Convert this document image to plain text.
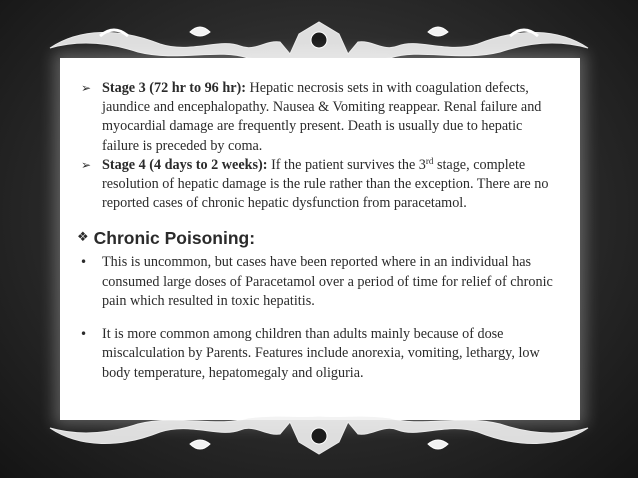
➢ Stage 3 (72 hr to 96 hr): Hepatic necrosis sets in with coagulation defects, jaundice and encephalopathy. Nausea & Vomiting reappear. Renal failure and myocardial damage are frequently present. Death is usually due to hepatic failure is preceded by coma.

➢ Stage 4 (4 days to 2 weeks): If the patient survives the 3rd stage, complete resolution of hepatic damage is the rule rather than the exception. There are no reported cases of chronic hepatic dysfunction from paracetamol.

❖ Chronic Poisoning:

• This is uncommon, but cases have been reported where in an individual has consumed large doses of Paracetamol over a period of time for relief of chronic pain which resulted in toxic hepatitis.

• It is more common among children than adults mainly because of dose miscalculation by Parents. Features include anorexia, vomiting, lethargy, low body temperature, hepatomegaly and oliguria.
